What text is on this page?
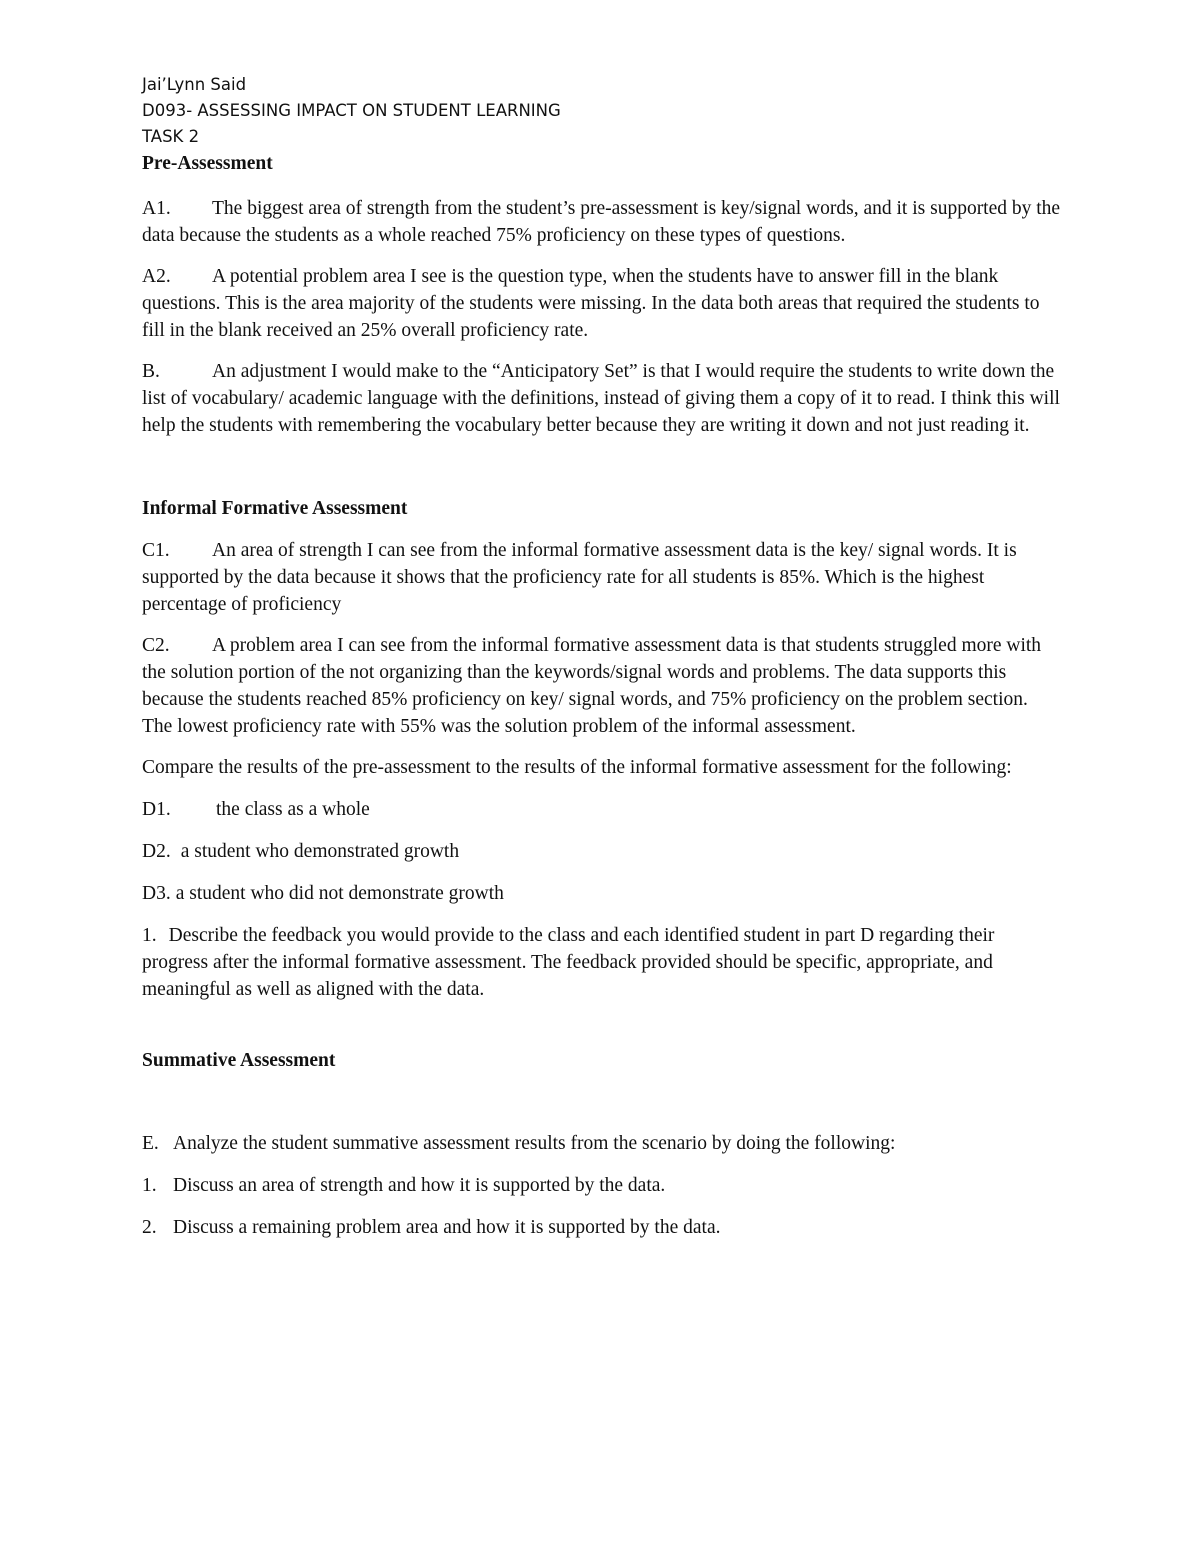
Jai’Lynn Said
D093- ASSESSING IMPACT ON STUDENT LEARNING
TASK 2
Pre-Assessment

A1. The biggest area of strength from the student’s pre-assessment is key/signal words, and it is supported by the data because the students as a whole reached 75% proficiency on these types of questions.

A2. A potential problem area I see is the question type, when the students have to answer fill in the blank questions. This is the area majority of the students were missing. In the data both areas that required the students to fill in the blank received an 25% overall proficiency rate.

B.	An adjustment I would make to the “Anticipatory Set” is that I would require the students to write down the list of vocabulary/ academic language with the definitions, instead of giving them a copy of it to read. I think this will help the students with remembering the vocabulary better because they are writing it down and not just reading it.

Informal Formative Assessment

C1. An area of strength I can see from the informal formative assessment data is the key/ signal words. It is supported by the data because it shows that the proficiency rate for all students is 85%. Which is the highest percentage of proficiency

C2. A problem area I can see from the informal formative assessment data is that students struggled more with the solution portion of the not organizing than the keywords/signal words and problems. The data supports this because the students reached 85% proficiency on key/ signal words, and 75% proficiency on the problem section. The lowest proficiency rate with 55% was the solution problem of the informal assessment.

Compare the results of the pre-assessment to the results of the informal formative assessment for the following:

D1. the class as a whole

D2. a student who demonstrated growth

D3. a student who did not demonstrate growth

1. Describe the feedback you would provide to the class and each identified student in part D regarding their progress after the informal formative assessment. The feedback provided should be specific, appropriate, and meaningful as well as aligned with the data.

Summative Assessment

E. Analyze the student summative assessment results from the scenario by doing the following:

1. Discuss an area of strength and how it is supported by the data.

2. Discuss a remaining problem area and how it is supported by the data.
